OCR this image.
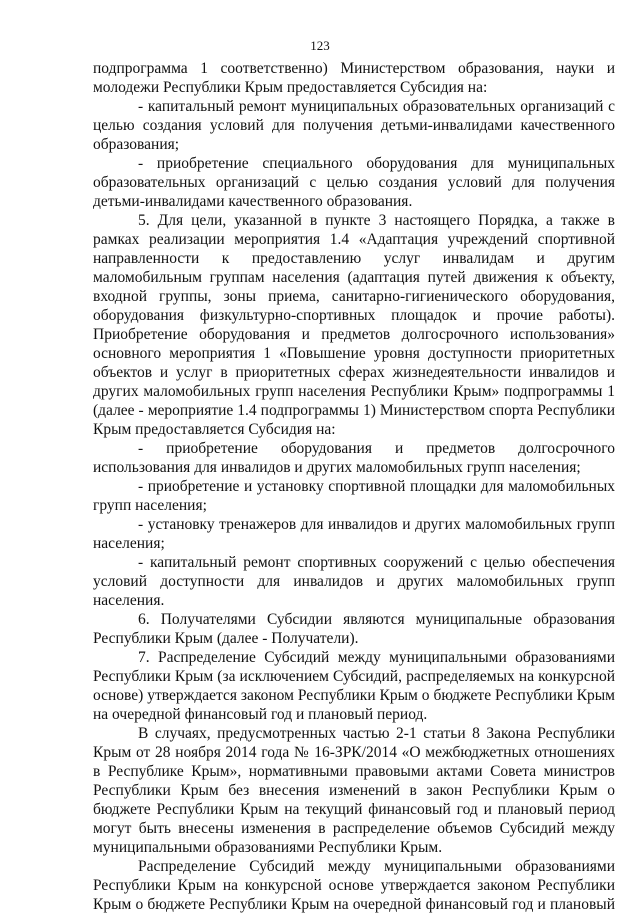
123

подпрограмма 1 соответственно) Министерством образования, науки и молодежи Республики Крым предоставляется Субсидия на:

- капитальный ремонт муниципальных образовательных организаций с целью создания условий для получения детьми-инвалидами качественного образования;

- приобретение специального оборудования для муниципальных образовательных организаций с целью создания условий для получения детьми-инвалидами качественного образования.

5. Для цели, указанной в пункте 3 настоящего Порядка, а также в рамках реализации мероприятия 1.4 «Адаптация учреждений спортивной направленности к предоставлению услуг инвалидам и другим маломобильным группам населения (адаптация путей движения к объекту, входной группы, зоны приема, санитарно-гигиенического оборудования, оборудования физкультурно-спортивных площадок и прочие работы). Приобретение оборудования и предметов долгосрочного использования» основного мероприятия 1 «Повышение уровня доступности приоритетных объектов и услуг в приоритетных сферах жизнедеятельности инвалидов и других маломобильных групп населения Республики Крым» подпрограммы 1 (далее - мероприятие 1.4 подпрограммы 1) Министерством спорта Республики Крым предоставляется Субсидия на:

- приобретение оборудования и предметов долгосрочного использования для инвалидов и других маломобильных групп населения;

- приобретение и установку спортивной площадки для маломобильных групп населения;

- установку тренажеров для инвалидов и других маломобильных групп населения;

- капитальный ремонт спортивных сооружений с целью обеспечения условий доступности для инвалидов и других маломобильных групп населения.

6. Получателями Субсидии являются муниципальные образования Республики Крым (далее - Получатели).

7. Распределение Субсидий между муниципальными образованиями Республики Крым (за исключением Субсидий, распределяемых на конкурсной основе) утверждается законом Республики Крым о бюджете Республики Крым на очередной финансовый год и плановый период.

В случаях, предусмотренных частью 2-1 статьи 8 Закона Республики Крым от 28 ноября 2014 года № 16-ЗРК/2014 «О межбюджетных отношениях в Республике Крым», нормативными правовыми актами Совета министров Республики Крым без внесения изменений в закон Республики Крым о бюджете Республики Крым на текущий финансовый год и плановый период могут быть внесены изменения в распределение объемов Субсидий между муниципальными образованиями Республики Крым.

Распределение Субсидий между муниципальными образованиями Республики Крым на конкурсной основе утверждается законом Республики Крым о бюджете Республики Крым на очередной финансовый год и плановый
